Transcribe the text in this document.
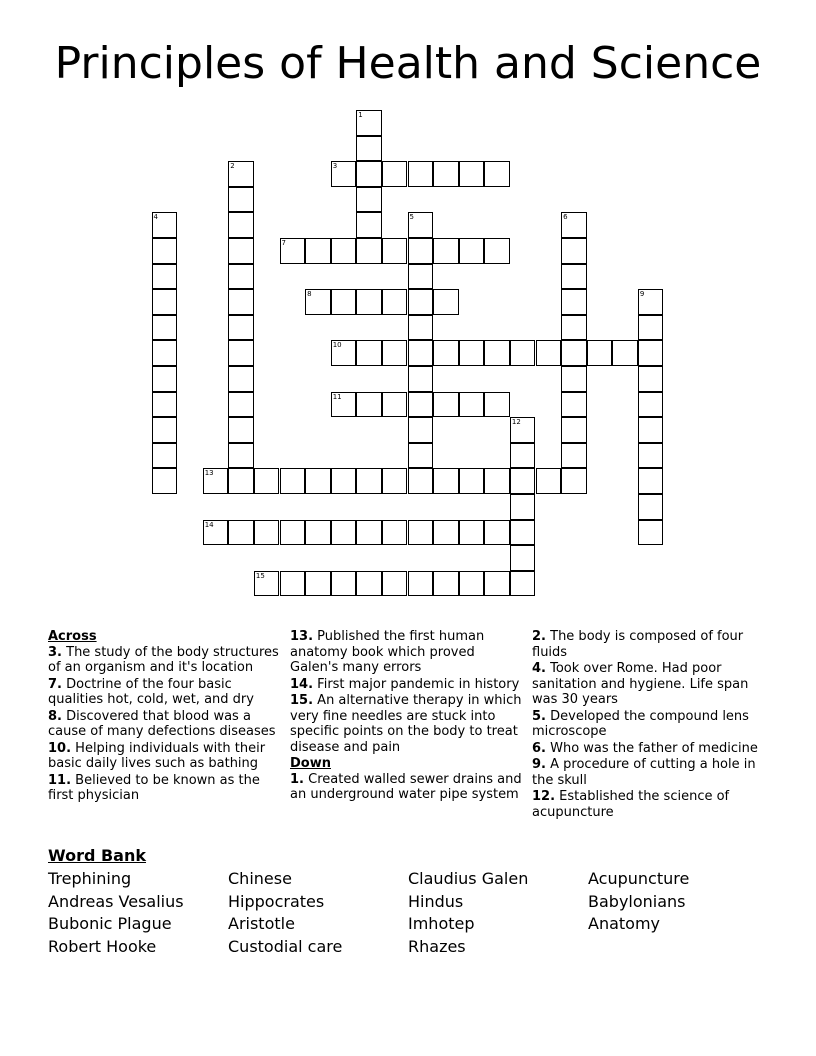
Principles of Health and Science
1
2	3
4	5	6
7
8	9
10
11
12
13
14
15
Across
3. The study of the body structures of an organism and it's location
7. Doctrine of the four basic qualities hot, cold, wet, and dry
8. Discovered that blood was a cause of many defections diseases
10. Helping individuals with their basic daily lives such as bathing
11. Believed to be known as the first physician
13. Published the first human anatomy book which proved Galen's many errors
14. First major pandemic in history
15. An alternative therapy in which very fine needles are stuck into specific points on the body to treat disease and pain
Down
1. Created walled sewer drains and an underground water pipe system
2. The body is composed of four fluids
4. Took over Rome. Had poor sanitation and hygiene. Life span was 30 years
5. Developed the compound lens microscope
6. Who was the father of medicine
9. A procedure of cutting a hole in the skull
12. Established the science of acupuncture
Word Bank
Trephining	Chinese	Claudius Galen	Acupuncture
Andreas Vesalius	Hippocrates	Hindus	Babylonians
Bubonic Plague	Aristotle	Imhotep	Anatomy
Robert Hooke	Custodial care	Rhazes
